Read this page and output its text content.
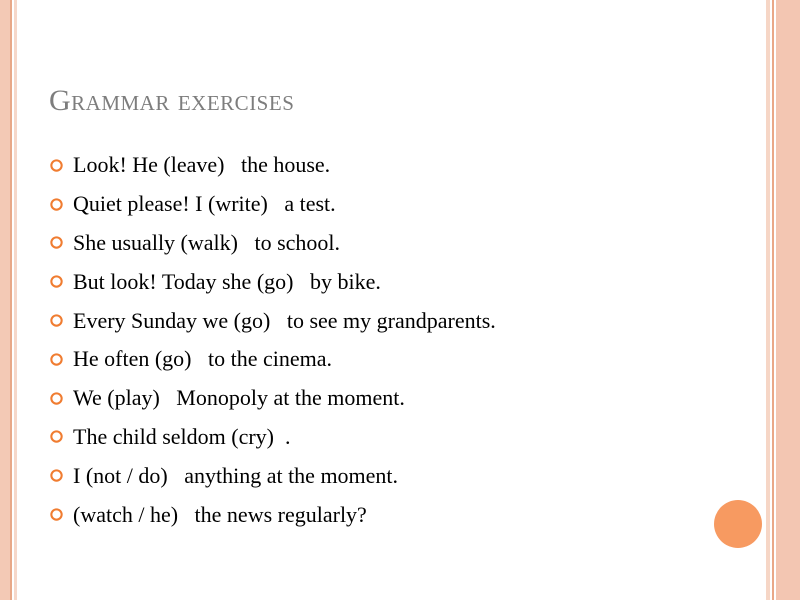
Grammar exercises
Look! He (leave)   the house.
Quiet please! I (write)   a test.
She usually (walk)   to school.
But look! Today she (go)   by bike.
Every Sunday we (go)   to see my grandparents.
He often (go)   to the cinema.
We (play)   Monopoly at the moment.
The child seldom (cry)  .
I (not / do)   anything at the moment.
(watch / he)   the news regularly?
